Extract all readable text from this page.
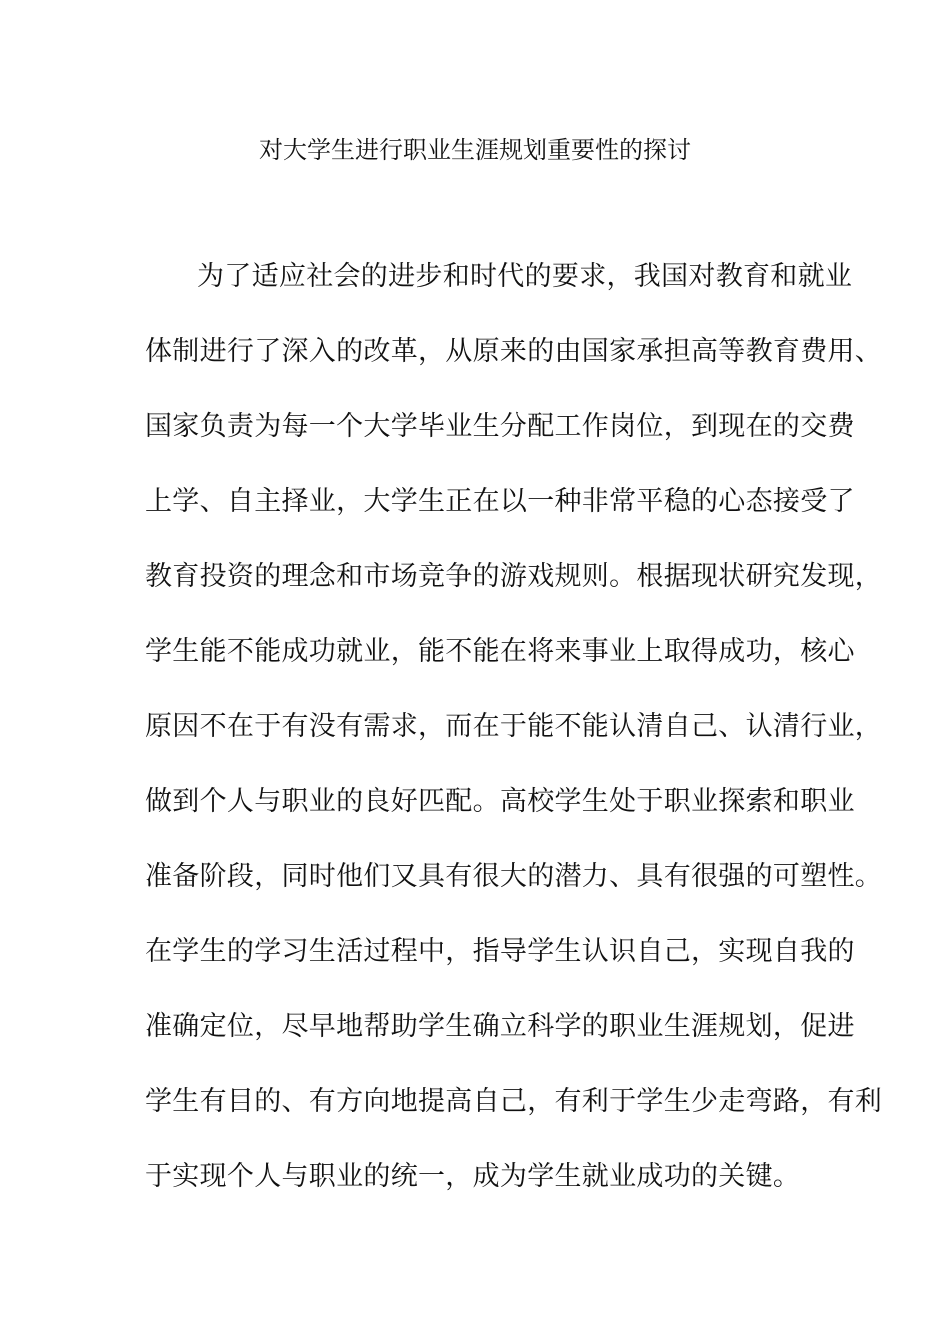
对大学生进行职业生涯规划重要性的探讨
为了适应社会的进步和时代的要求，我国对教育和就业
体制进行了深入的改革，从原来的由国家承担高等教育费用、
国家负责为每一个大学毕业生分配工作岗位，到现在的交费
上学、自主择业，大学生正在以一种非常平稳的心态接受了
教育投资的理念和市场竞争的游戏规则。根据现状研究发现，
学生能不能成功就业，能不能在将来事业上取得成功，核心
原因不在于有没有需求，而在于能不能认清自己、认清行业，
做到个人与职业的良好匹配。高校学生处于职业探索和职业
准备阶段，同时他们又具有很大的潜力、具有很强的可塑性。
在学生的学习生活过程中，指导学生认识自己，实现自我的
准确定位，尽早地帮助学生确立科学的职业生涯规划，促进
学生有目的、有方向地提高自己，有利于学生少走弯路，有利
于实现个人与职业的统一，成为学生就业成功的关键。
